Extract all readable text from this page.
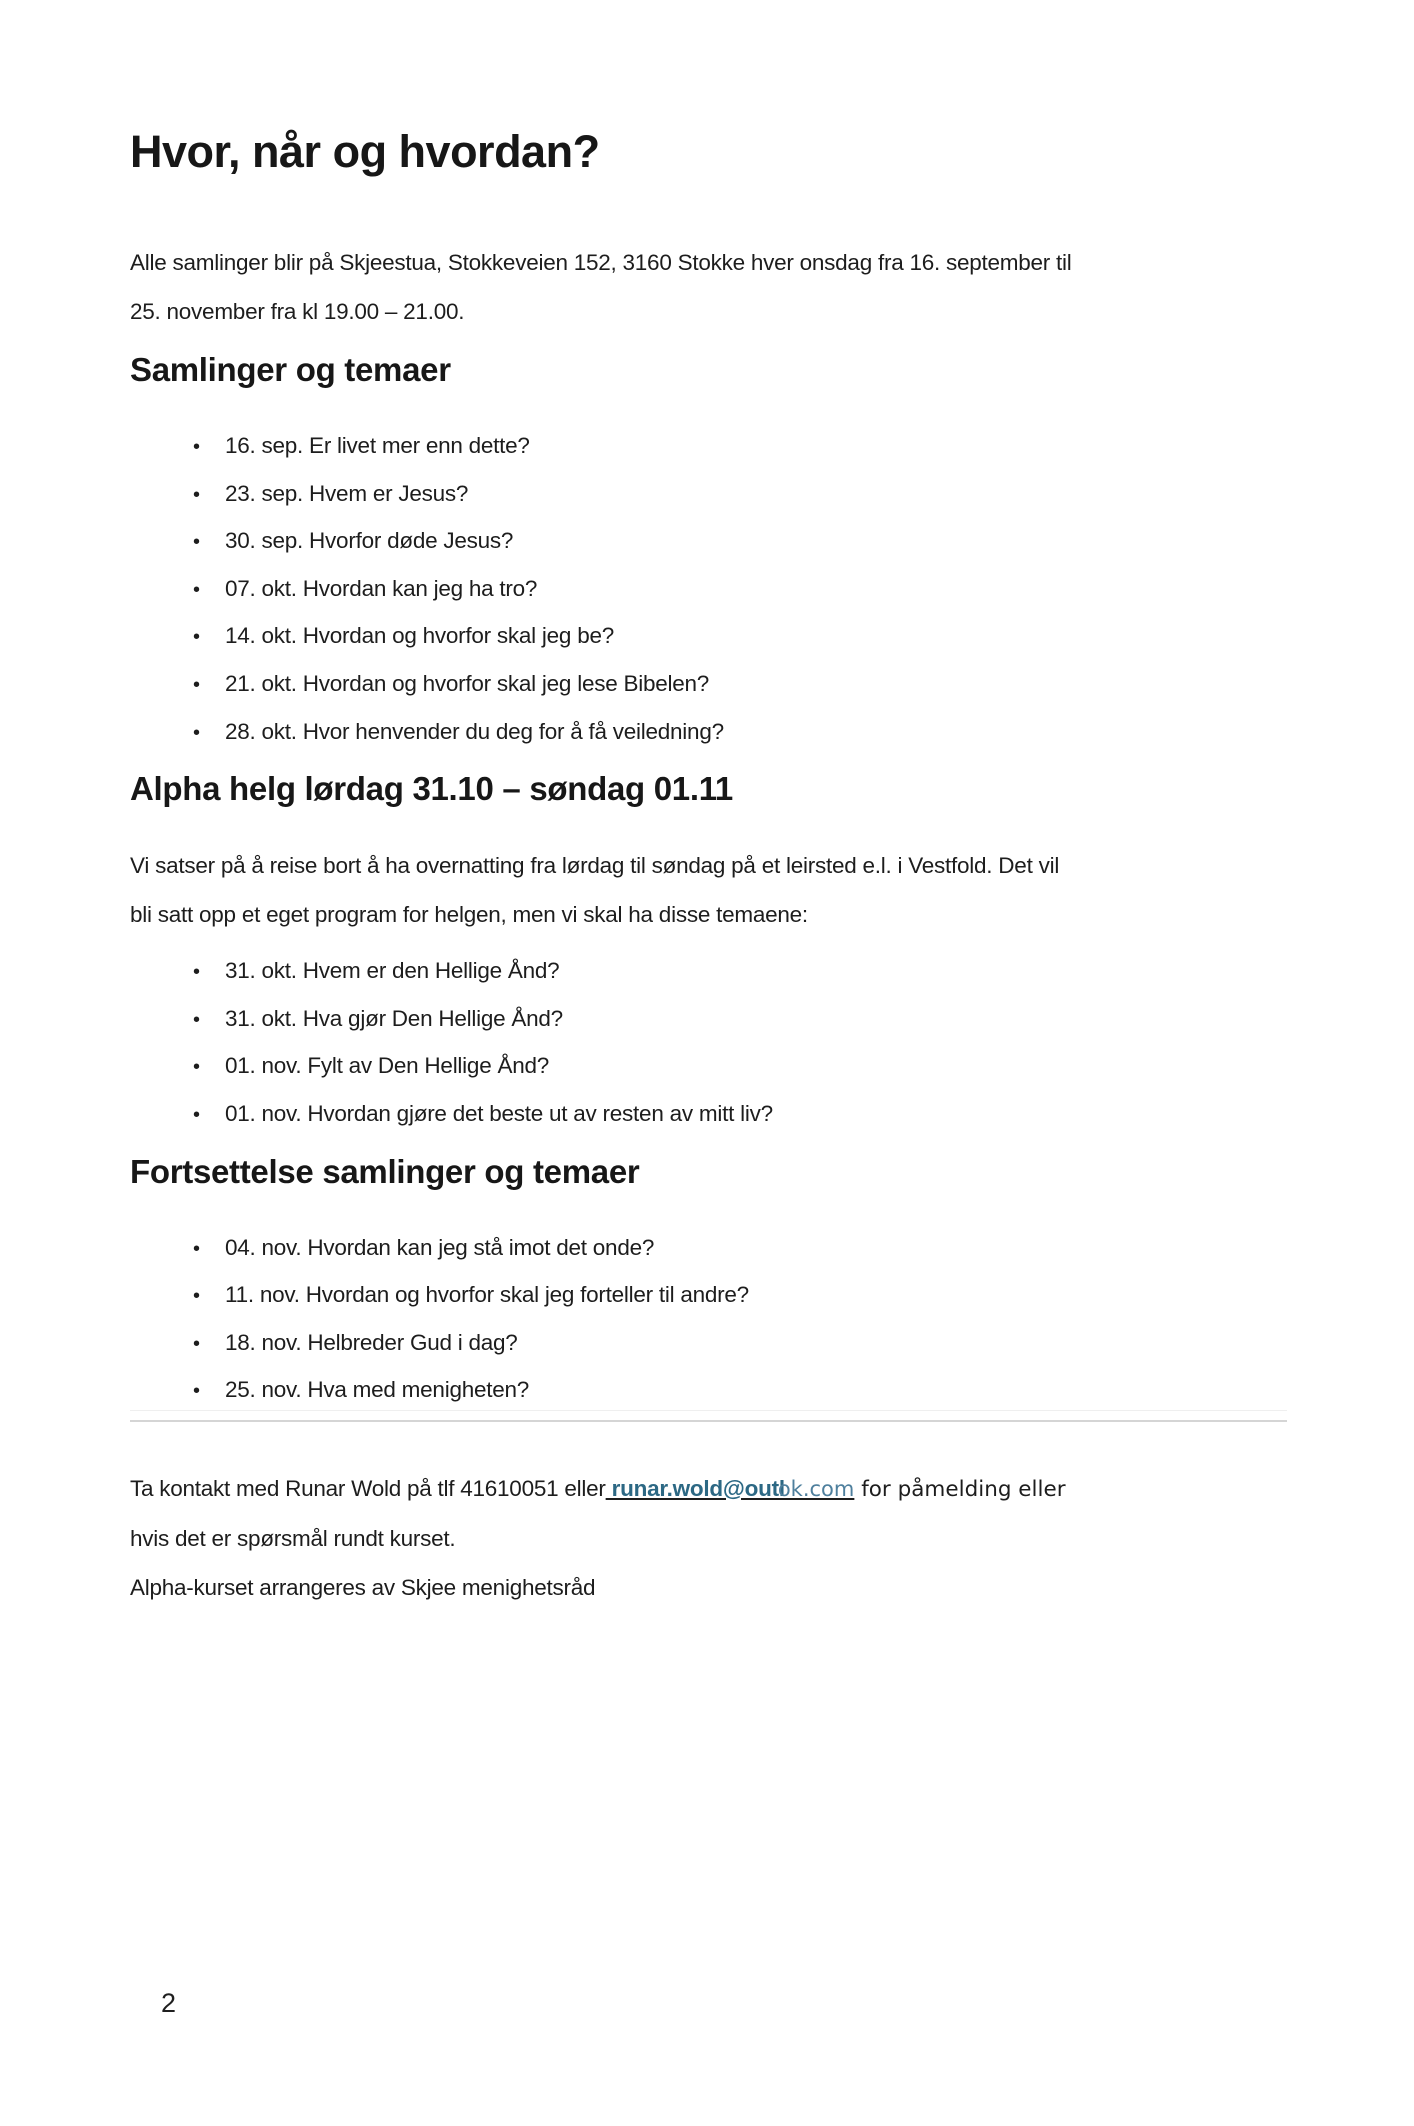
Hvor, når og hvordan?

Alle samlinger blir på Skjeestua, Stokkeveien 152, 3160 Stokke hver onsdag fra 16. september til
25. november fra kl 19.00 – 21.00.

Samlinger og temaer
•
16. sep. Er livet mer enn dette?
•
23. sep. Hvem er Jesus?
•
30. sep. Hvorfor døde Jesus?
•
07. okt. Hvordan kan jeg ha tro?
•
14. okt. Hvordan og hvorfor skal jeg be?
•
21. okt. Hvordan og hvorfor skal jeg lese Bibelen?
•
28. okt. Hvor henvender du deg for å få veiledning?
Alpha helg lørdag 31.10 – søndag 01.11

Vi satser på å reise bort å ha overnatting fra lørdag til søndag på et leirsted e.l. i Vestfold. Det vil
bli satt opp et eget program for helgen, men vi skal ha disse temaene:

•
31. okt. Hvem er den Hellige Ånd?
•
31. okt. Hva gjør Den Hellige Ånd?
•
01. nov. Fylt av Den Hellige Ånd?
•
01. nov. Hvordan gjøre det beste ut av resten av mitt liv?
Fortsettelse samlinger og temaer
•
04. nov. Hvordan kan jeg stå imot det onde?
•
11. nov. Hvordan og hvorfor skal jeg forteller til andre?
•
18. nov. Helbreder Gud i dag?
•
25. nov. Hva med menigheten?

Ta kontakt med Runar Wold på tlf 41610051 eller runar.wold@outlok.com for påmelding eller
hvis det er spørsmål rundt kurset.

Alpha-kurset arrangeres av Skjee menighetsråd

2
